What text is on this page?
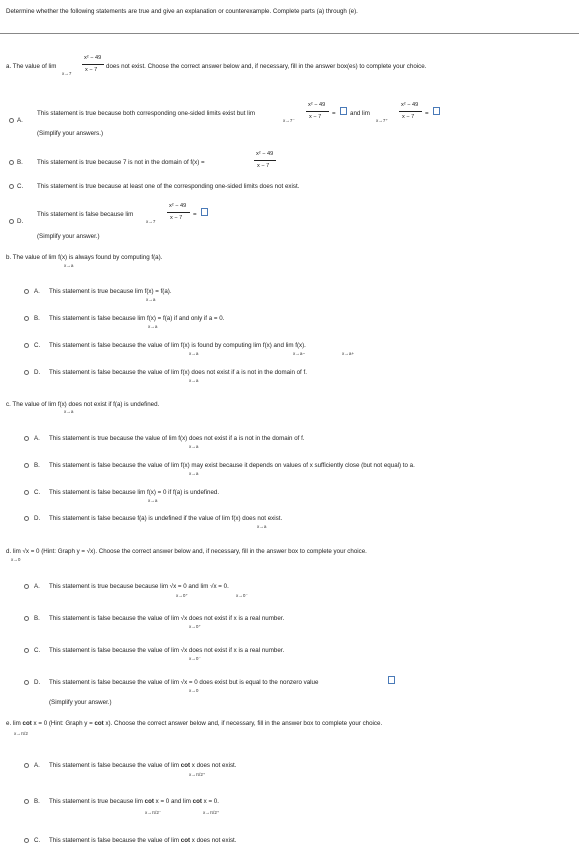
Determine whether the following statements are true and give an explanation or counterexample. Complete parts (a) through (e).
a. The value of lim
x→7
x² − 49
x − 7 does not exist. Choose the correct answer below and, if necessary, fill in the answer box(es) to complete your choice.
A.
This statement is true because both corresponding one-sided limits exist but lim
x→7⁻
x² − 49
x − 7 = and lim
x→7⁺
x² − 49
x − 7 =
(Simplify your answers.)
B. This statement is true because 7 is not in the domain of f(x) =
x² − 49
x − 7
C. This statement is true because at least one of the corresponding one-sided limits does not exist.
D.
This statement is false because lim
x→7
x² − 49
x − 7 =
(Simplify your answer.)
b. The value of lim f(x) is always found by computing f(a).
x→a
A. This statement is true because lim f(x) = f(a).
x→a
B. This statement is false because lim f(x) = f(a) if and only if a = 0.
x→a
C. This statement is false because the value of lim f(x) is found by computing lim f(x) and lim f(x).
x→a	x→a−	x→a+
D. This statement is false because the value of lim f(x) does not exist if a is not in the domain of f.
x→a
c. The value of lim f(x) does not exist if f(a) is undefined.
x→a
A. This statement is true because the value of lim f(x) does not exist if a is not in the domain of f.
x→a
B. This statement is false because the value of lim f(x) may exist because it depends on values of x sufficiently close (but not equal) to a.
x→a
C. This statement is false because lim f(x) = 0 if f(a) is undefined.
x→a
D. This statement is false because f(a) is undefined if the value of lim f(x) does not exist.
x→a
d. lim √x = 0 (Hint: Graph y = √x). Choose the correct answer below and, if necessary, fill in the answer box to complete your choice.
x→0
A. This statement is true because because lim √x = 0 and lim √x = 0.
x→0⁺	x→0⁻
B. This statement is false because the value of lim √x does not exist if x is a real number.
x→0⁺
C. This statement is false because the value of lim √x does not exist if x is a real number.
x→0⁻
D. This statement is false because the value of lim √x = 0 does exist but is equal to the nonzero value
x→0
(Simplify your answer.)
e. lim cot x = 0 (Hint: Graph y = cot x). Choose the correct answer below and, if necessary, fill in the answer box to complete your choice.
x→π/2
A. This statement is false because the value of lim cot x does not exist.
x→π/2⁺
B. This statement is true because lim cot x = 0 and lim cot x = 0.
x→π/2⁻	x→π/2⁺
C. This statement is false because the value of lim cot x does not exist.
